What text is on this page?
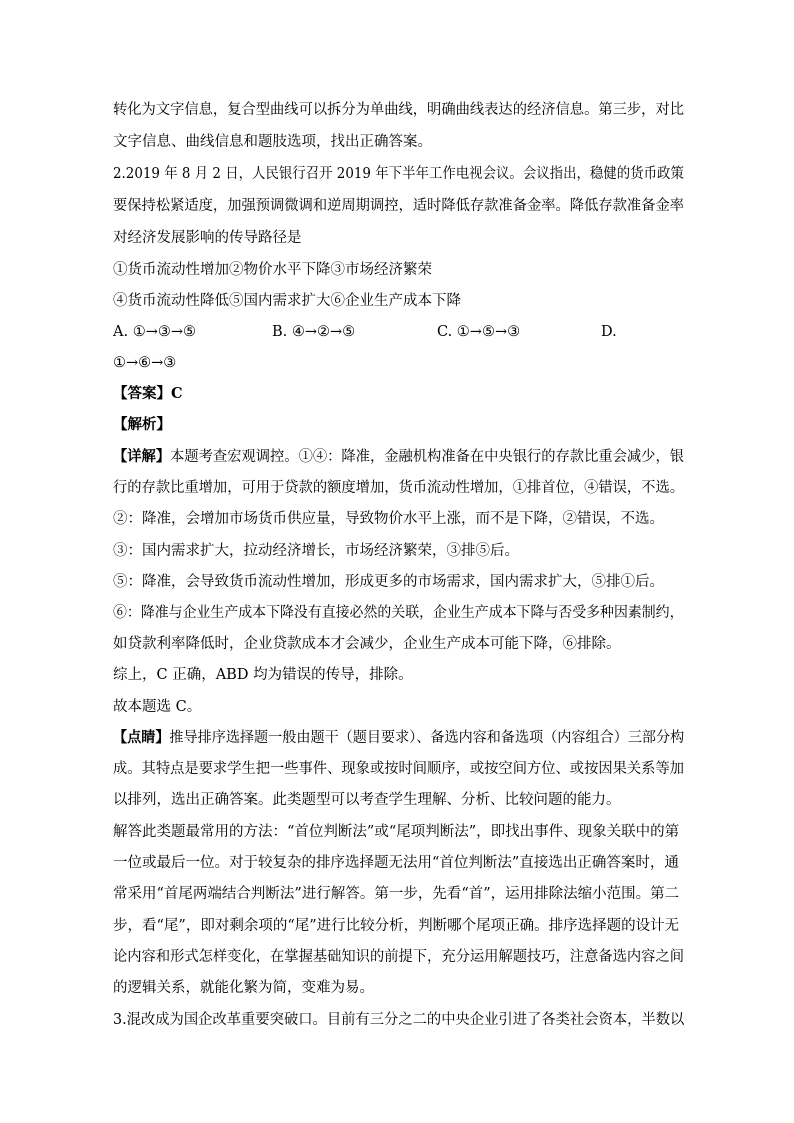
转化为文字信息，复合型曲线可以拆分为单曲线，明确曲线表达的经济信息。第三步，对比
文字信息、曲线信息和题肢选项，找出正确答案。
2.2019 年 8 月 2 日，人民银行召开 2019 年下半年工作电视会议。会议指出，稳健的货币政策
要保持松紧适度，加强预调微调和逆周期调控，适时降低存款准备金率。降低存款准备金率
对经济发展影响的传导路径是
①货币流动性增加②物价水平下降③市场经济繁荣
④货币流动性降低⑤国内需求扩大⑥企业生产成本下降
A. ①→③→⑤	B. ④→②→⑤	C. ①→⑤→③	D.
①→⑥→③
【答案】C
【解析】
【详解】本题考查宏观调控。①④：降准，金融机构准备在中央银行的存款比重会减少，银
行的存款比重增加，可用于贷款的额度增加，货币流动性增加，①排首位，④错误，不选。
②：降准，会增加市场货币供应量，导致物价水平上涨，而不是下降，②错误，不选。
③：国内需求扩大，拉动经济增长，市场经济繁荣，③排⑤后。
⑤：降准，会导致货币流动性增加，形成更多的市场需求，国内需求扩大，⑤排①后。
⑥：降准与企业生产成本下降没有直接必然的关联，企业生产成本下降与否受多种因素制约，
如贷款利率降低时，企业贷款成本才会减少，企业生产成本可能下降，⑥排除。
综上，C 正确，ABD 均为错误的传导，排除。
故本题选 C。
【点睛】推导排序选择题一般由题干（题目要求）、备选内容和备选项（内容组合）三部分构
成。其特点是要求学生把一些事件、现象或按时间顺序，或按空间方位、或按因果关系等加
以排列，选出正确答案。此类题型可以考查学生理解、分析、比较问题的能力。
解答此类题最常用的方法：“首位判断法”或“尾项判断法”，即找出事件、现象关联中的第
一位或最后一位。对于较复杂的排序选择题无法用“首位判断法”直接选出正确答案时，通
常采用“首尾两端结合判断法”进行解答。第一步，先看“首”，运用排除法缩小范围。第二
步，看“尾”，即对剩余项的“尾”进行比较分析，判断哪个尾项正确。排序选择题的设计无
论内容和形式怎样变化，在掌握基础知识的前提下，充分运用解题技巧，注意备选内容之间
的逻辑关系，就能化繁为简，变难为易。
3.混改成为国企改革重要突破口。目前有三分之二的中央企业引进了各类社会资本，半数以
